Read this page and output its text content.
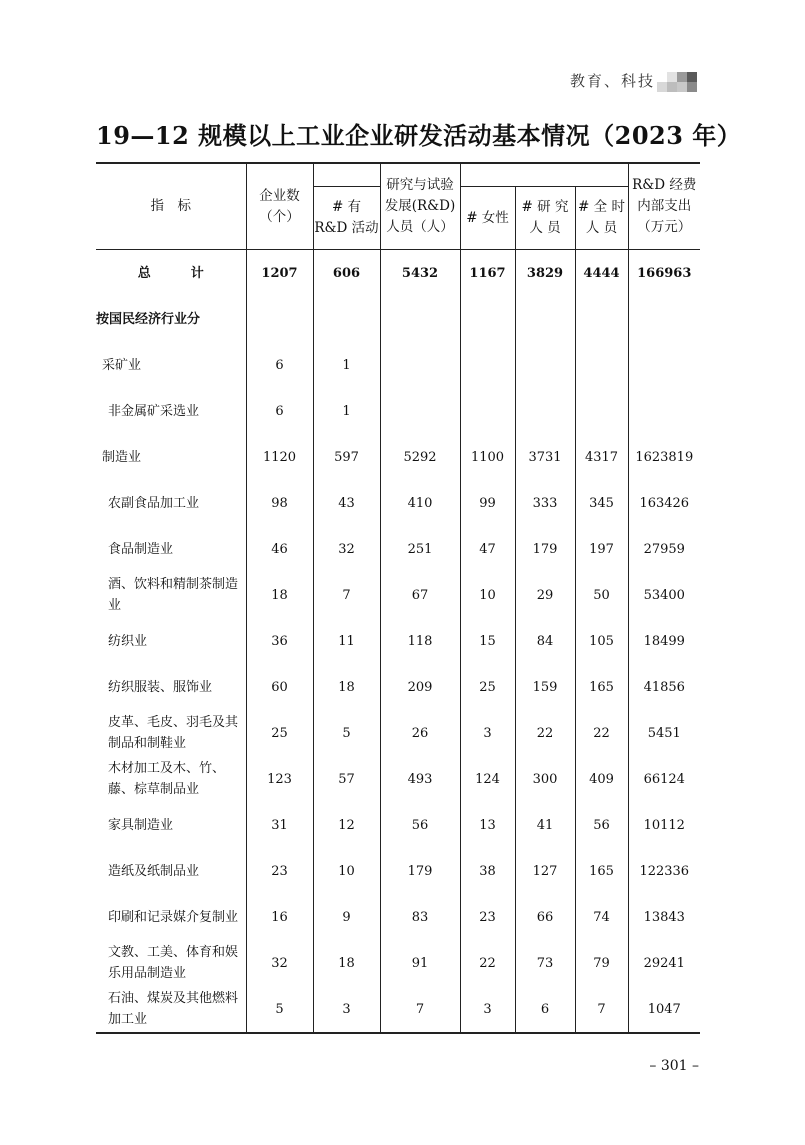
教育、科技
19—12 规模以上工业企业研发活动基本情况（2023 年）
指　标	企业数（个）		研究与试验发展(R&D) 人员（人）				R&D 经费内部支出（万元）
		# 有 R&D 活动		# 女性	# 研 究人 员	# 全 时人 员	
总计	1207	606	5432	1167	3829	4444	166963
按国民经济行业分							
采矿业	6	1					
非金属矿采选业	6	1					
制造业	1120	597	5292	1100	3731	4317	1623819
农副食品加工业	98	43	410	99	333	345	163426
食品制造业	46	32	251	47	179	197	27959
酒、饮料和精制茶制造业	18	7	67	10	29	50	53400
纺织业	36	11	118	15	84	105	18499
纺织服装、服饰业	60	18	209	25	159	165	41856
皮革、毛皮、羽毛及其制品和制鞋业	25	5	26	3	22	22	5451
木材加工及木、竹、藤、棕草制品业	123	57	493	124	300	409	66124
家具制造业	31	12	56	13	41	56	10112
造纸及纸制品业	23	10	179	38	127	165	122336
印刷和记录媒介复制业	16	9	83	23	66	74	13843
文教、工美、体育和娱乐用品制造业	32	18	91	22	73	79	29241
石油、煤炭及其他燃料加工业	5	3	7	3	6	7	1047
– 301 –
